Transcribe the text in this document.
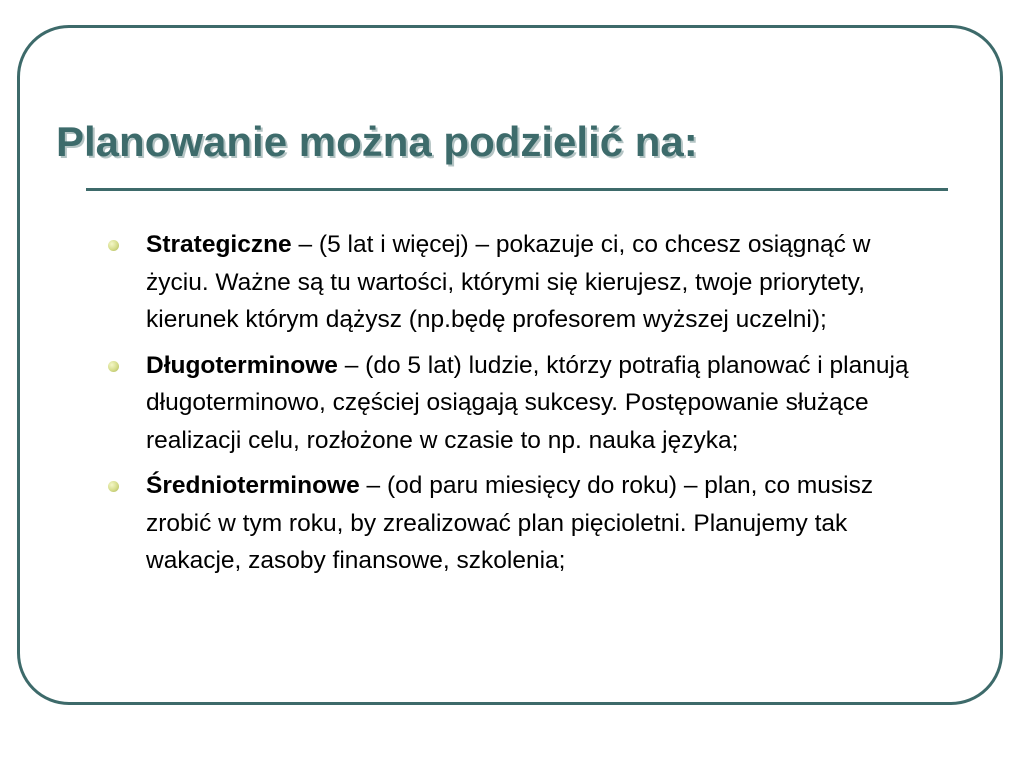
Planowanie można podzielić na:
Strategiczne – (5 lat i więcej) – pokazuje ci, co chcesz osiągnąć w życiu. Ważne są tu wartości, którymi się kierujesz, twoje priorytety, kierunek którym dążysz (np.będę profesorem wyższej uczelni);
Długoterminowe – (do 5 lat) ludzie, którzy potrafią planować i planują długoterminowo, częściej osiągają sukcesy. Postępowanie służące realizacji celu, rozłożone w czasie to np. nauka języka;
Średnioterminowe – (od paru miesięcy do roku) – plan, co musisz zrobić w tym roku, by zrealizować plan pięcioletni. Planujemy tak wakacje, zasoby finansowe, szkolenia;
